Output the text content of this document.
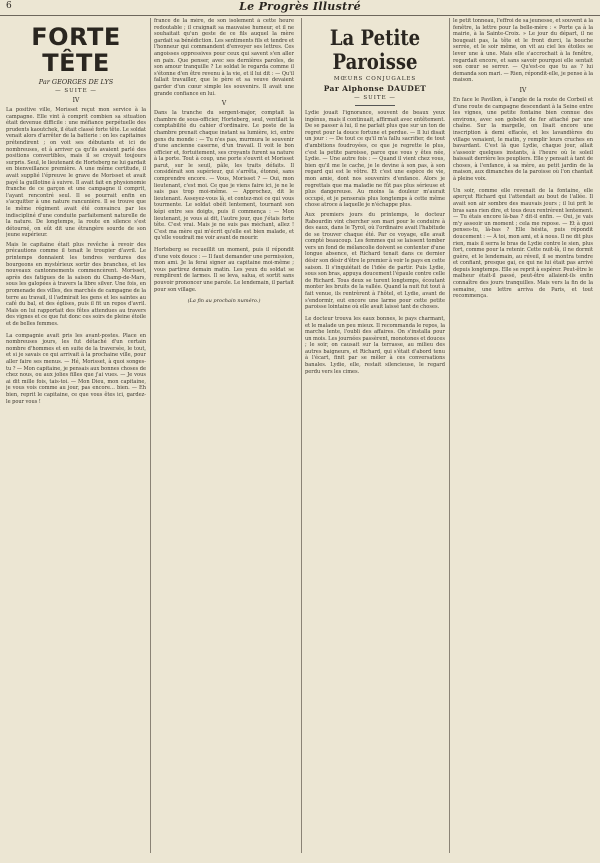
6	Le Progrès Illustré
FORTE TÊTE
Par GEORGES DE LYS
— SUITE —
IV

La positive ville, Morisset reçut mon service à la campagne. Elle vint à comprit combien sa situation était devenue difficile : une méfiance perpétuelle des prudents kaoutchek, il était classé forte tête. Le soldat venait alors d'arrêter de la batterie : on les capitaines prétendirent ; on voit ses débutants et ici de nombreuses, et à arriver ça qu'ils avaient parlé des positions convertibles, mais il se croyait toujours surpris. Seul, le lieutenant de Horteberg ne lui gardait en bienveillance première. A une même certitude, il avait supplié l'épreuve le grave de Morisset et avait payé la guillotine à suivre. Il avait fait en physionomie franche de ce garçon et une campagne il comprit, l'ayant rencontré seul. Il se pourrait enfin en s'acquitter à une nature rancunière. Il se trouve que le même régiment avait été convaincu par les indiscipliné d'une conduite parfaitement naturelle de la nature. De longtemps, la route en silence s'est détourné, on eût dit une étrangère sourde de son jeune supérieur.

Mais le capitaine était plus revêche à revoir des précautions comme il tenait le troupier d'avril. Le printemps donnaient les tendres verdures des bourgeons en mystérieux sortir des branches, et les nouveaux cantonnements commencèrent. Morisset, après des fatigues de la saison du Champ-de-Mars, sous les galopées à travers la libre silver. Une fois, en promenade des villes, des marchés de campagne de la terre au travail, il l'admirait les gens et les saintes au café du bal, et des églises, puis il fit un repos d'avril. Mais on lui rapportait des fêtes attendues au travers des vignes et ce que fut donc ces soirs de pleine étoile et de belles femmes.

La compagnie avait pris les avant-postes. Place en nombreuses jours, les fut détaché d'un certain nombre d'hommes et en suite de la traversée, le tout, et si je savais ce qui arrivait à la prochaine ville, pour aller faire ses menus. — Hé, Morisset, à quoi songes-tu ? — Mon capitaine, je pensais aux bonnes choses de chez nous, ou aux jolies filles que j'ai vues. — Je vous ai dit mille fois, tais-toi. — Mon Dieu, mon capitaine, je vous vois comme au jour, pas encore... bien. — Eh bien, reprit le capitaine, ce que vous êtes ici, gardez-le pour vous !

france de la mère, de son isolement à cette heure redoutable ; il craignait sa mauvaise humeur, et il ne souhaitait qu'un geste de ce fils auquel la mère gardait sa bénédiction. Les sentiments fils et tendre et l'honneur qui commandent d'envoyer ses lettres. Ces angoisses oppressives pour ceux qui savent s'en aller en paix. Que penser, avec ses dernières paroles, de son amour tranquille ? Le soldat le regarda comme il s'étonne d'en être revenu à la vie, et il lui dit : — Qu'il fallait travailler, que le père et sa veuve devaient garder d'un cœur simple les souvenirs. Il avait une grande confiance en lui.

V

Dans la tranche du sergent-major, comptait la chambre de sous-officier, Horteberg, seul, ventilait la comptabilité du cahier d'ordinaire. Le poste de la chambre prenait chaque instant sa lumière, ici, entre gens du monde : — Tu n'es pas, murmura le souvenir d'une ancienne caserne, d'un travail. Il voit le bon officier et, fortuitement, ses croyants furent sa nature à la porte. Tout à coup, une porte s'ouvrit et Morisset parut, sur le seuil, pâle, les traits défaits. Il considérait son supérieur, qui s'arrêta, étonné, sans comprendre encore. — Vous, Morisset ? — Oui, mon lieutenant, c'est moi. Ce que je viens faire ici, je ne le sais pas trop moi-même. — Approchez, dit le lieutenant. Asseyez-vous là, et contez-moi ce qui vous tourmente. Le soldat obéit lentement, tournant son képi entre ses doigts, puis il commença : — Mon lieutenant, je vous ai dit, l'autre jour, que j'étais forte tête. C'est vrai. Mais je ne suis pas méchant, allez ! C'est ma mère qui m'écrit qu'elle est bien malade, et qu'elle voudrait me voir avant de mourir.

Horteberg se recueillit un moment, puis il répondit d'une voix douce : — Il faut demander une permission, mon ami. Je la ferai signer au capitaine moi-même ; vous partirez demain matin. Les yeux du soldat se remplirent de larmes. Il se leva, salua, et sortit sans pouvoir prononcer une parole. Le lendemain, il partait pour son village.

(La fin au prochain numéro.)
La Petite Paroisse
MŒURS CONJUGALES
Par Alphonse DAUDET
— SUITE —

Lydie jouait l'ignorance, souvent de beaux yeux ingénus, mais il continuait, affirmait avec entêtement. De se passer à lui, il ne parlait plus que sur un ton de regret pour la douce fortune et perdue. — Il lui disait un jour : — De tout ce qu'il m'a fallu sacrifier, de tout d'ambitions foudroyées, ce que je regrette le plus, c'est la petite paroisse, parce que vous y êtes née, Lydie. — Une autre fois : — Quand il vient chez vous, bien qu'il me le cache, je le devine à son pas, à son regard qui est le vôtre. Et c'est une espèce de vie, mon amie, dont nos souvenirs d'enfance. Alors je regrettais que ma maladie ne fût pas plus sérieuse et plus dangereuse. Au moins la douleur m'aurait occupé, et je penserais plus longtemps à cette même chose atroce à laquelle je n'échappe plus.

Aux premiers jours du printemps, le docteur Rabourdin vint chercher son mari pour le conduire à des eaux, dans le Tyrol, où l'ordinaire avait l'habitude de se trouver chaque été. Par ce voyage, elle avait compté beaucoup. Les femmes qui se laissent tomber vers un fond de mélancolie doivent se contenter d'une longue absence, et Richard tenait dans ce dernier désir son désir d'être le premier à voir le pays en cette saison. Il s'inquiétait de l'idée de partir. Puis Lydie, sous son bras, appuya doucement l'épaule contre celle de Richard. Tous deux se turent longtemps, écoutant monter les bruits de la vallée. Quand la nuit fut tout à fait venue, ils rentrèrent à l'hôtel, et Lydie, avant de s'endormir, eut encore une larme pour cette petite paroisse lointaine où elle avait laissé tant de choses.

Le docteur trouva les eaux bonnes, le pays charmant, et le malade un peu mieux. Il recommanda le repos, la marche lente, l'oubli des affaires. On s'installa pour un mois. Les journées passèrent, monotones et douces ; le soir, on causait sur la terrasse, au milieu des autres baigneurs, et Richard, qui s'était d'abord tenu à l'écart, finit par se mêler à ces conversations banales. Lydie, elle, restait silencieuse, le regard perdu vers les cimes.

le petit tonneau, l'effroi de sa jeunesse, et souvent à la fenêtre, la lettre pour la belle-mère : « Porte ça à la mairie, à la Sainte-Croix. » Le jour du départ, il ne bougeait pas, la tête et le front durci, la bouche serrée, et le soir même, on vit au ciel les étoiles se lever une à une. Mais elle s'accrochait à la fenêtre, regardait encore, et sans savoir pourquoi elle sentait son cœur se serrer. — Qu'est-ce que tu as ? lui demanda son mari. — Rien, répondit-elle, je pense à la maison.

IV

En face le Pavillon, à l'angle de la route de Corbeil et d'une route de campagne descendant à la Seine entre les vignes, une petite fontaine bien connue des environs, avec son gobelet de fer attaché par une chaîne. Sur la margelle, on lisait encore une inscription à demi effacée, et les lavandières du village venaient, le matin, y remplir leurs cruches en bavardant. C'est là que Lydie, chaque jour, allait s'asseoir quelques instants, à l'heure où le soleil baissait derrière les peupliers. Elle y pensait à tant de choses, à l'enfance, à sa mère, au petit jardin de la maison, aux dimanches de la paroisse où l'on chantait à pleine voix.

Un soir, comme elle revenait de la fontaine, elle aperçut Richard qui l'attendait au bout de l'allée. Il avait son air sombre des mauvais jours ; il lui prit le bras sans rien dire, et tous deux rentrèrent lentement. — Tu étais encore là-bas ? dit-il enfin. — Oui, je vais m'y asseoir un moment ; cela me repose. — Et à quoi penses-tu, là-bas ? Elle hésita, puis répondit doucement : — À toi, mon ami, et à nous. Il ne dit plus rien, mais il serra le bras de Lydie contre le sien, plus fort, comme pour la retenir. Cette nuit-là, il ne dormit guère, et le lendemain, au réveil, il se montra tendre et confiant, presque gai, ce qui ne lui était pas arrivé depuis longtemps. Elle se reprit à espérer. Peut-être le malheur était-il passé, peut-être allaient-ils enfin connaître des jours tranquilles. Mais vers la fin de la semaine, une lettre arriva de Paris, et tout recommença.
